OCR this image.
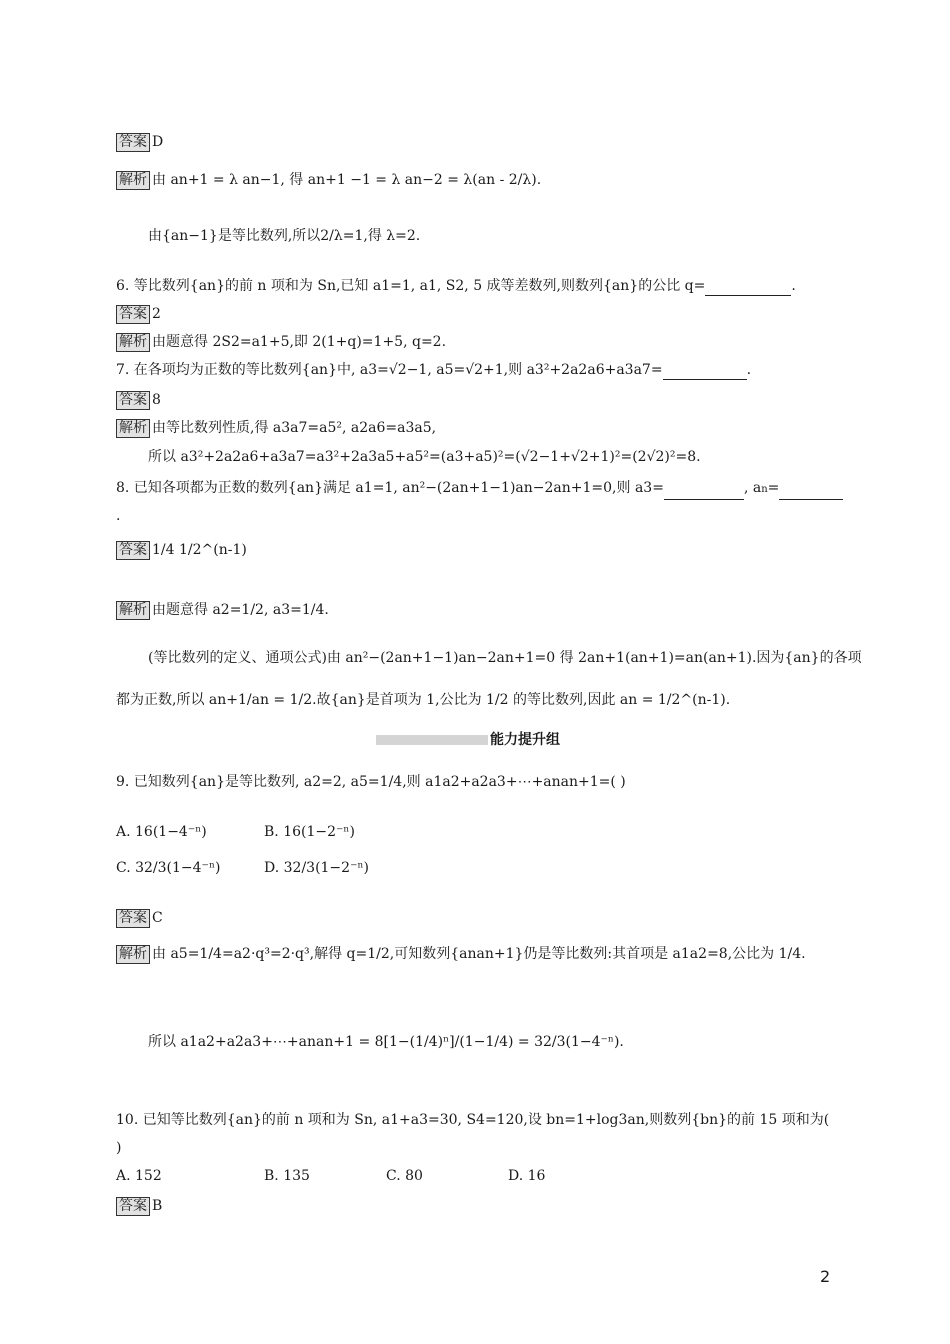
答案 D
解析 由 an+1 = λ an−1, 得 an+1 −1 = λ an−2 = λ(an - 2/λ).
由{an−1}是等比数列,所以2/λ=1,得 λ=2.
6. 等比数列{an}的前 n 项和为 Sn,已知 a1=1, a1, S2, 5 成等差数列,则数列{an}的公比 q=	.
答案 2
解析 由题意得 2S2=a1+5,即 2(1+q)=1+5, q=2.
7. 在各项均为正数的等比数列{an}中, a3=√2−1, a5=√2+1,则 a3²+2a2a6+a3a7=	.
答案 8
解析 由等比数列性质,得 a3a7=a5², a2a6=a3a5,
所以 a3²+2a2a6+a3a7=a3²+2a3a5+a5²=(a3+a5)²=(√2−1+√2+1)²=(2√2)²=8.
8. 已知各项都为正数的数列{an}满足 a1=1, an²−(2an+1−1)an−2an+1=0,则 a3=	, an=
.
答案 1/4 1/2^(n-1)
解析 由题意得 a2=1/2, a3=1/4.
(等比数列的定义、通项公式)由 an²−(2an+1−1)an−2an+1=0 得 2an+1(an+1)=an(an+1).因为{an}的各项
都为正数,所以 an+1/an = 1/2.故{an}是首项为 1,公比为 1/2 的等比数列,因此 an = 1/2^(n-1).
能力提升组
9. 已知数列{an}是等比数列, a2=2, a5=1/4,则 a1a2+a2a3+⋯+anan+1=( )
A. 16(1−4⁻ⁿ)	B. 16(1−2⁻ⁿ)
C. 32/3(1−4⁻ⁿ)	D. 32/3(1−2⁻ⁿ)
答案 C
解析 由 a5=1/4=a2·q³=2·q³,解得 q=1/2,可知数列{anan+1}仍是等比数列:其首项是 a1a2=8,公比为 1/4.
所以 a1a2+a2a3+⋯+anan+1 = 8[1−(1/4)ⁿ]/(1−1/4) = 32/3(1−4⁻ⁿ).
10. 已知等比数列{an}的前 n 项和为 Sn, a1+a3=30, S4=120,设 bn=1+log3an,则数列{bn}的前 15 项和为(
)
A. 152	B. 135	C. 80	D. 16
答案 B
2
